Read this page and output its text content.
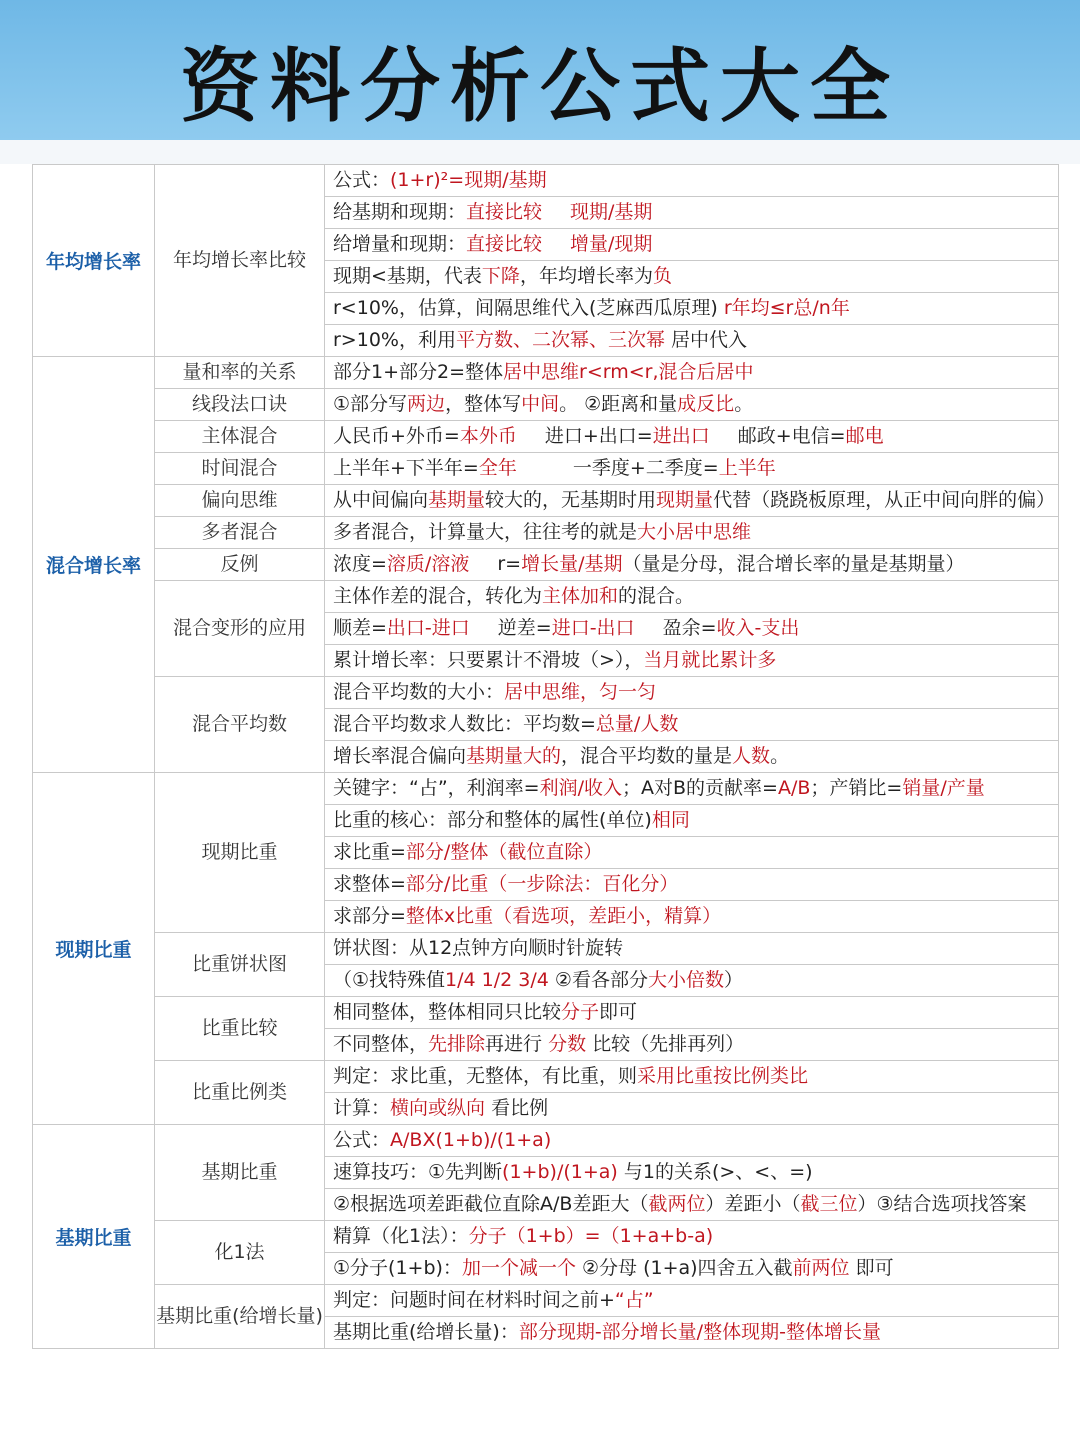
资料分析公式大全
年均增长率	年均增长率比较	公式：(1+r)²=现期/基期
		给基期和现期：直接比较 现期/基期
		给增量和现期：直接比较 增量/现期
		现期<基期，代表下降，年均增长率为负
		r<10%，估算，间隔思维代入(芝麻西瓜原理) r年均≤r总/n年
		r>10%，利用平方数、二次幂、三次幂 居中代入
混合增长率	量和率的关系	部分1+部分2=整体居中思维r<rm<r,混合后居中
	线段法口诀	①部分写两边，整体写中间。 ②距离和量成反比。
	主体混合	人民币+外币=本外币 进口+出口=进出口 邮政+电信=邮电
	时间混合	上半年+下半年=全年 一季度+二季度=上半年
	偏向思维	从中间偏向基期量较大的，无基期时用现期量代替（跷跷板原理，从正中间向胖的偏）
	多者混合	多者混合，计算量大，往往考的就是大小居中思维
	反例	浓度=溶质/溶液 r=增长量/基期（量是分母，混合增长率的量是基期量）
	混合变形的应用	主体作差的混合，转化为主体加和的混合。
		顺差=出口-进口 逆差=进口-出口 盈余=收入-支出
		累计增长率：只要累计不滑坡（>），当月就比累计多
	混合平均数	混合平均数的大小：居中思维，匀一匀
		混合平均数求人数比：平均数=总量/人数
		增长率混合偏向基期量大的，混合平均数的量是人数。
现期比重	现期比重	关键字：“占”，利润率=利润/收入；A对B的贡献率=A/B；产销比=销量/产量
		比重的核心：部分和整体的属性(单位)相同
		求比重=部分/整体（截位直除）
		求整体=部分/比重（一步除法：百化分）
		求部分=整体x比重（看选项，差距小，精算）
	比重饼状图	饼状图：从12点钟方向顺时针旋转
		（①找特殊值1/4 1/2 3/4 ②看各部分大小倍数）
	比重比较	相同整体，整体相同只比较分子即可
		不同整体，先排除再进行 分数 比较（先排再列）
	比重比例类	判定：求比重，无整体，有比重，则采用比重按比例类比
		计算：横向或纵向 看比例
基期比重	基期比重	公式：A/BX(1+b)/(1+a)
		速算技巧：①先判断(1+b)/(1+a) 与1的关系(>、<、=)
		②根据选项差距截位直除A/B差距大（截两位）差距小（截三位）③结合选项找答案
	化1法	精算（化1法）：分子（1+b）=（1+a+b-a)
		①分子(1+b)：加一个减一个 ②分母 (1+a)四舍五入截前两位 即可
	基期比重(给增长量)	判定：问题时间在材料时间之前+“占”
		基期比重(给增长量)：部分现期-部分增长量/整体现期-整体增长量
